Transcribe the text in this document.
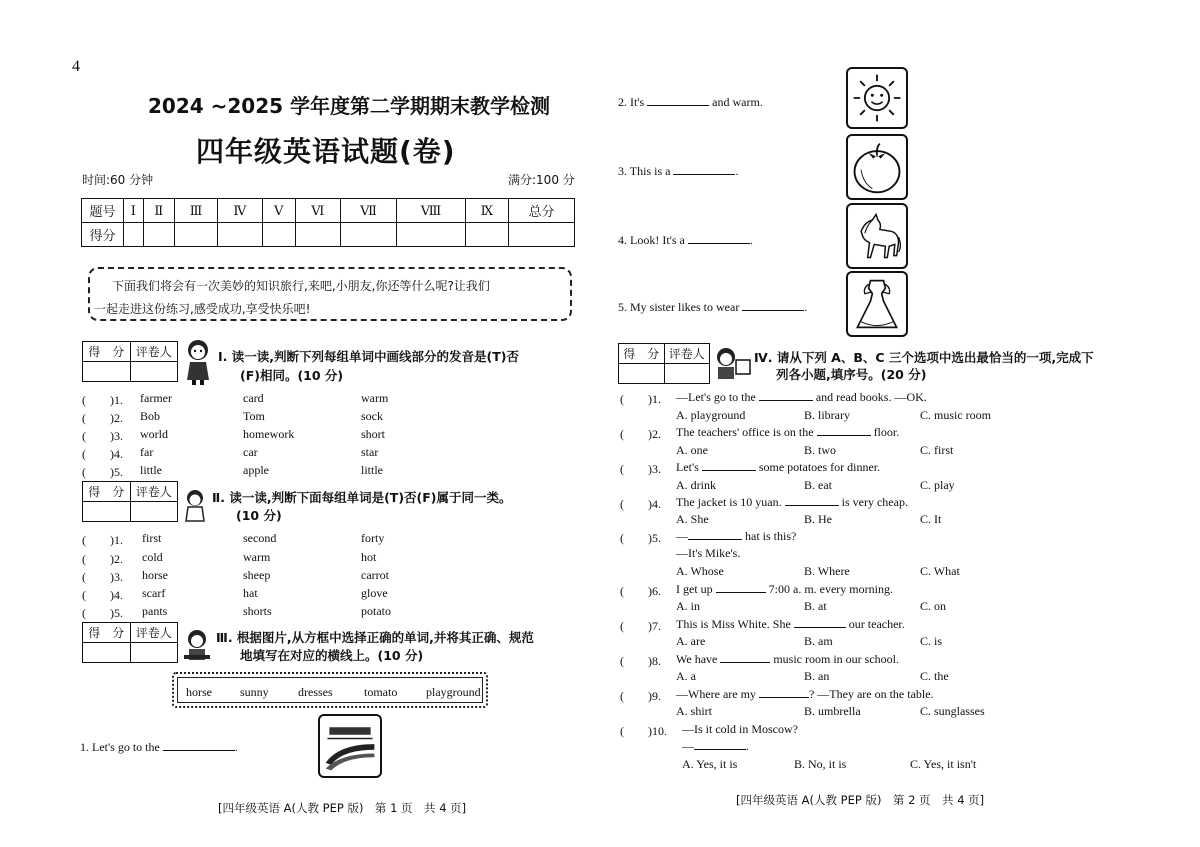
4
2024 ~2025 学年度第二学期期末教学检测
四年级英语试题(卷)
时间:60 分钟	满分:100 分
题号	Ⅰ	Ⅱ	Ⅲ	Ⅳ	Ⅴ	Ⅵ	Ⅶ	Ⅷ	Ⅸ	总分
得分										
下面我们将会有一次美妙的知识旅行,来吧,小朋友,你还等什么呢?让我们
一起走进这份练习,感受成功,享受快乐吧!
得　分	评卷人
		Ⅰ. 读一读,判断下列每组单词中画线部分的发音是(T)否
(F)相同。(10 分)
(　　)1. farmer	card	warm
(　　)2. Bob	Tom	sock
(　　)3. world	homework	short
(　　)4. far	car	star
(　　)5. little	apple	little
得　分	评卷人
		Ⅱ. 读一读,判断下面每组单词是(T)否(F)属于同一类。
(10 分)
(　　)1. first	second	forty
(　　)2. cold	warm	hot
(　　)3. horse	sheep	carrot
(　　)4. scarf	hat	glove
(　　)5. pants	shorts	potato
得　分	评卷人
		Ⅲ. 根据图片,从方框中选择正确的单词,并将其正确、规范
地填写在对应的横线上。(10 分)
horse sunny dresses	tomato playground
1. Let's go to the	.
[四年级英语 A(人教 PEP 版)　第 1 页　共 4 页]
2. It's	and warm.
3. This is a	.
4. Look! It's a	.
5. My sister likes to wear	.
得　分	评卷人
		Ⅳ. 请从下列 A、B、C 三个选项中选出最恰当的一项,完成下
列各小题,填序号。(20 分)
(　　)1. —Let's go to the	and read books. —OK.
A. playground	B. library	C. music room
(　　)2. The teachers' office is on the	floor.
A. one	B. two	C. first
(　　)3. Let's	some potatoes for dinner.
A. drink	B. eat	C. play
(　　)4. The jacket is 10 yuan.	is very cheap.
A. She	B. He	C. It
(　　)5. —	hat is this?
—It's Mike's.
A. Whose	B. Where	C. What
(　　)6. I get up	7:00 a. m. every morning.
A. in	B. at	C. on
(　　)7. This is Miss White. She	our teacher.
A. are	B. am	C. is
(　　)8. We have	music room in our school.
A. a	B. an	C. the
(　　)9. —Where are my	? —They are on the table.
A. shirt	B. umbrella	C. sunglasses
(　　)10. —Is it cold in Moscow?
—	.
A. Yes, it is	B. No, it is	C. Yes, it isn't
[四年级英语 A(人教 PEP 版)　第 2 页　共 4 页]
